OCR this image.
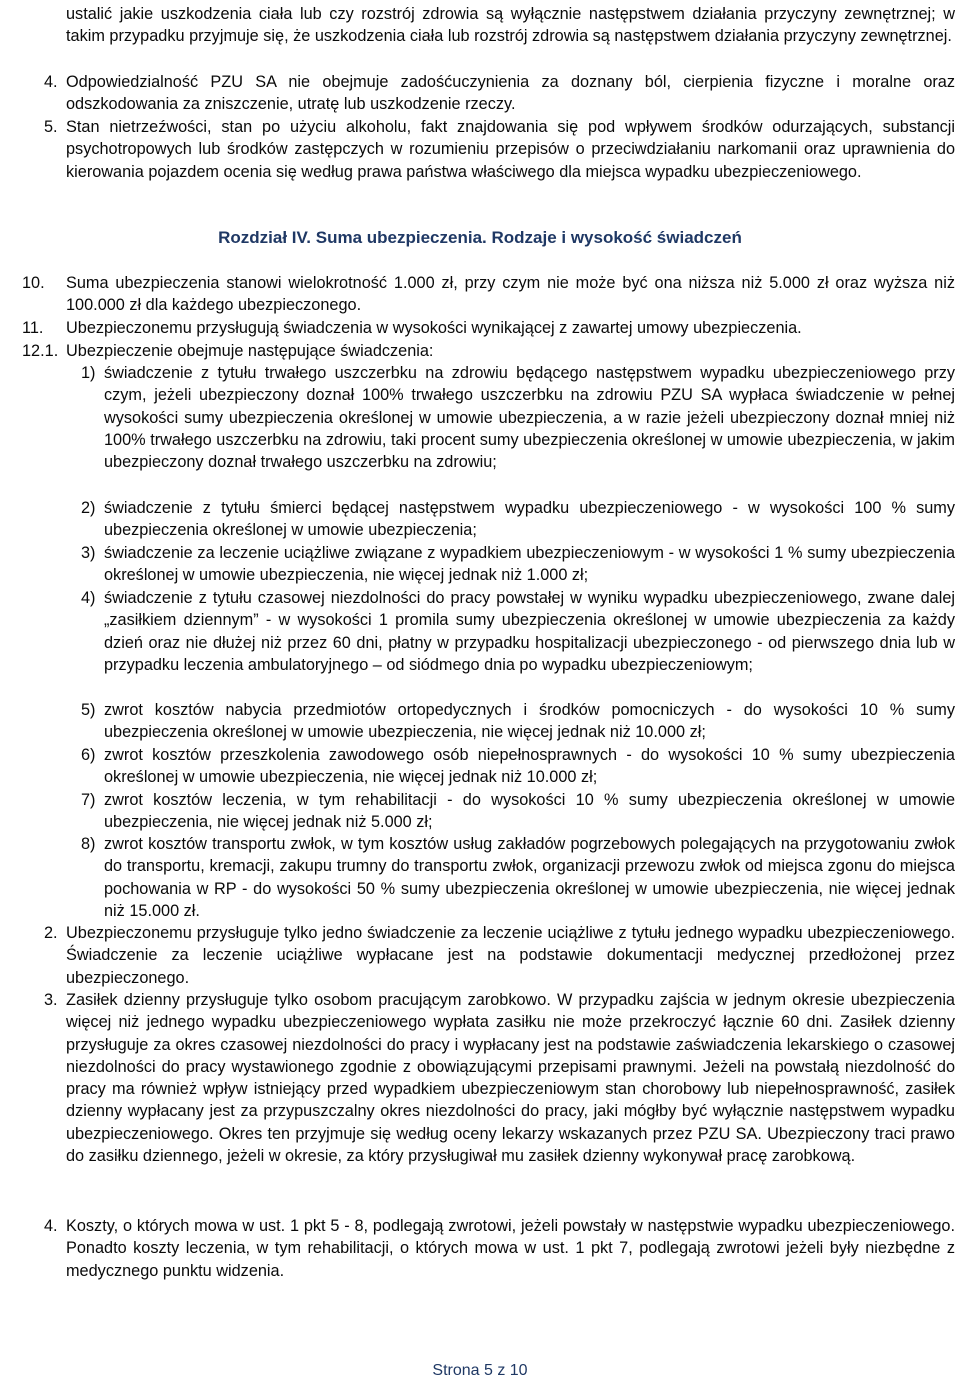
ustalić jakie uszkodzenia ciała lub czy rozstrój zdrowia są wyłącznie następstwem działania przyczyny zewnętrznej; w takim przypadku przyjmuje się, że uszkodzenia ciała lub rozstrój zdrowia są następstwem działania przyczyny zewnętrznej.
4. Odpowiedzialność PZU SA nie obejmuje zadośćuczynienia za doznany ból, cierpienia fizyczne i moralne oraz odszkodowania za zniszczenie, utratę lub uszkodzenie rzeczy.
5. Stan nietrzeźwości, stan po użyciu alkoholu, fakt znajdowania się pod wpływem środków odurzających, substancji psychotropowych lub środków zastępczych w rozumieniu przepisów o przeciwdziałaniu narkomanii oraz uprawnienia do kierowania pojazdem ocenia się według prawa państwa właściwego dla miejsca wypadku ubezpieczeniowego.
Rozdział IV. Suma ubezpieczenia. Rodzaje i wysokość świadczeń
10. Suma ubezpieczenia stanowi wielokrotność 1.000 zł, przy czym nie może być ona niższa niż 5.000 zł oraz wyższa niż 100.000 zł dla każdego ubezpieczonego.
11. Ubezpieczonemu przysługują świadczenia w wysokości wynikającej z zawartej umowy ubezpieczenia.
12.1. Ubezpieczenie obejmuje następujące świadczenia:
1) świadczenie z tytułu trwałego uszczerbku na zdrowiu będącego następstwem wypadku ubezpieczeniowego przy czym, jeżeli ubezpieczony doznał 100% trwałego uszczerbku na zdrowiu PZU SA wypłaca świadczenie w pełnej wysokości sumy ubezpieczenia określonej w umowie ubezpieczenia, a w razie jeżeli ubezpieczony doznał mniej niż 100% trwałego uszczerbku na zdrowiu, taki procent sumy ubezpieczenia określonej w umowie ubezpieczenia, w jakim ubezpieczony doznał trwałego uszczerbku na zdrowiu;
2) świadczenie z tytułu śmierci będącej następstwem wypadku ubezpieczeniowego - w wysokości 100 % sumy ubezpieczenia określonej w umowie ubezpieczenia;
3) świadczenie za leczenie uciążliwe związane z wypadkiem ubezpieczeniowym - w wysokości 1 % sumy ubezpieczenia określonej w umowie ubezpieczenia, nie więcej jednak niż 1.000 zł;
4) świadczenie z tytułu czasowej niezdolności do pracy powstałej w wyniku wypadku ubezpieczeniowego, zwane dalej „zasiłkiem dziennym” - w wysokości 1 promila sumy ubezpieczenia określonej w umowie ubezpieczenia za każdy dzień oraz nie dłużej niż przez 60 dni, płatny w przypadku hospitalizacji ubezpieczonego - od pierwszego dnia lub w przypadku leczenia ambulatoryjnego – od siódmego dnia po wypadku ubezpieczeniowym;
5) zwrot kosztów nabycia przedmiotów ortopedycznych i środków pomocniczych - do wysokości 10 % sumy ubezpieczenia określonej w umowie ubezpieczenia, nie więcej jednak niż 10.000 zł;
6) zwrot kosztów przeszkolenia zawodowego osób niepełnosprawnych - do wysokości 10 % sumy ubezpieczenia określonej w umowie ubezpieczenia, nie więcej jednak niż 10.000 zł;
7) zwrot kosztów leczenia, w tym rehabilitacji - do wysokości 10 % sumy ubezpieczenia określonej w umowie ubezpieczenia, nie więcej jednak niż 5.000 zł;
8) zwrot kosztów transportu zwłok, w tym kosztów usług zakładów pogrzebowych polegających na przygotowaniu zwłok do transportu, kremacji, zakupu trumny do transportu zwłok, organizacji przewozu zwłok od miejsca zgonu do miejsca pochowania w RP - do wysokości 50 % sumy ubezpieczenia określonej w umowie ubezpieczenia, nie więcej jednak niż 15.000 zł.
2. Ubezpieczonemu przysługuje tylko jedno świadczenie za leczenie uciążliwe z tytułu jednego wypadku ubezpieczeniowego. Świadczenie za leczenie uciążliwe wypłacane jest na podstawie dokumentacji medycznej przedłożonej przez ubezpieczonego.
3. Zasiłek dzienny przysługuje tylko osobom pracującym zarobkowo. W przypadku zajścia w jednym okresie ubezpieczenia więcej niż jednego wypadku ubezpieczeniowego wypłata zasiłku nie może przekroczyć łącznie 60 dni. Zasiłek dzienny przysługuje za okres czasowej niezdolności do pracy i wypłacany jest na podstawie zaświadczenia lekarskiego o czasowej niezdolności do pracy wystawionego zgodnie z obowiązującymi przepisami prawnymi. Jeżeli na powstałą niezdolność do pracy ma również wpływ istniejący przed wypadkiem ubezpieczeniowym stan chorobowy lub niepełnosprawność, zasiłek dzienny wypłacany jest za przypuszczalny okres niezdolności do pracy, jaki mógłby być wyłącznie następstwem wypadku ubezpieczeniowego. Okres ten przyjmuje się według oceny lekarzy wskazanych przez PZU SA. Ubezpieczony traci prawo do zasiłku dziennego, jeżeli w okresie, za który przysługiwał mu zasiłek dzienny wykonywał pracę zarobkową.
4. Koszty, o których mowa w ust. 1 pkt 5 - 8, podlegają zwrotowi, jeżeli powstały w następstwie wypadku ubezpieczeniowego. Ponadto koszty leczenia, w tym rehabilitacji, o których mowa w ust. 1 pkt 7, podlegają zwrotowi jeżeli były niezbędne z medycznego punktu widzenia.
Strona 5 z 10
